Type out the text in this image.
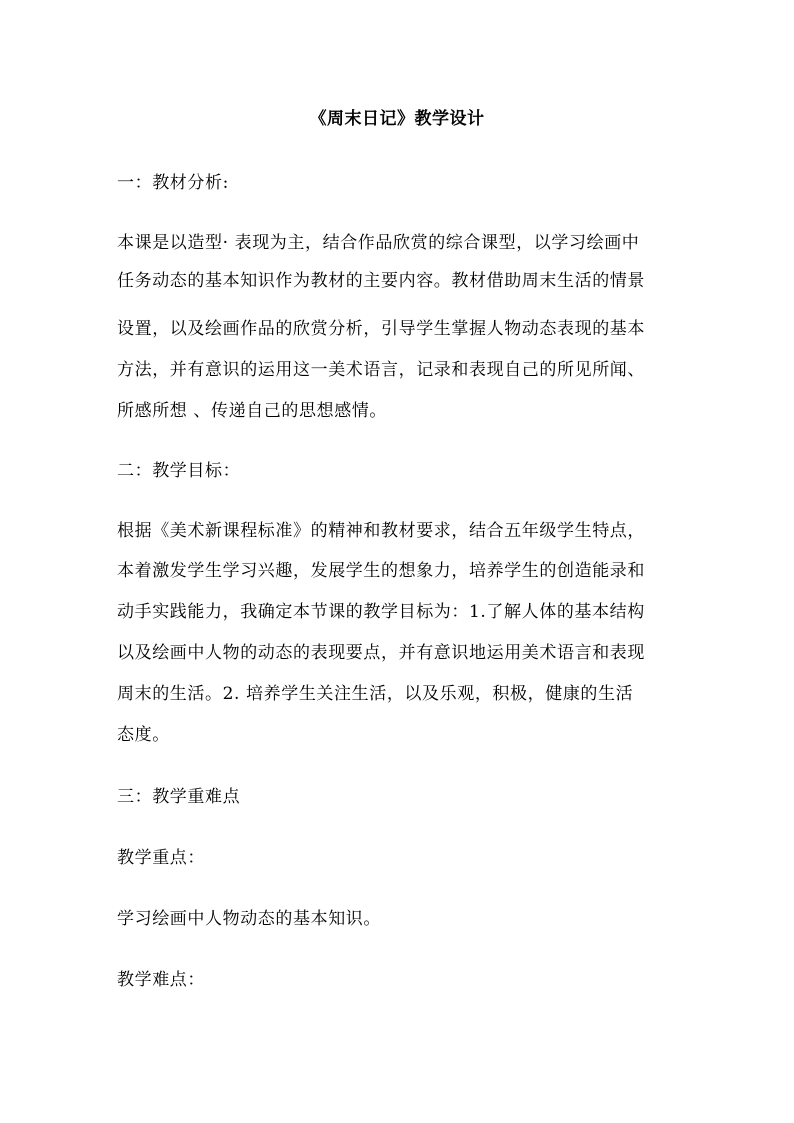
《周末日记》教学设计
一：教材分析:
本课是以造型· 表现为主，结合作品欣赏的综合课型，以学习绘画中
任务动态的基本知识作为教材的主要内容。教材借助周末生活的情景
设置，以及绘画作品的欣赏分析，引导学生掌握人物动态表现的基本
方法，并有意识的运用这一美术语言，记录和表现自己的所见所闻、
所感所想 、传递自己的思想感情。
二：教学目标：
根据《美术新课程标准》的精神和教材要求，结合五年级学生特点，
本着激发学生学习兴趣，发展学生的想象力，培养学生的创造能录和
动手实践能力，我确定本节课的教学目标为：1.了解人体的基本结构
以及绘画中人物的动态的表现要点，并有意识地运用美术语言和表现
周末的生活。2. 培养学生关注生活，以及乐观，积极，健康的生活
态度。
三：教学重难点
教学重点：
学习绘画中人物动态的基本知识。
教学难点：
